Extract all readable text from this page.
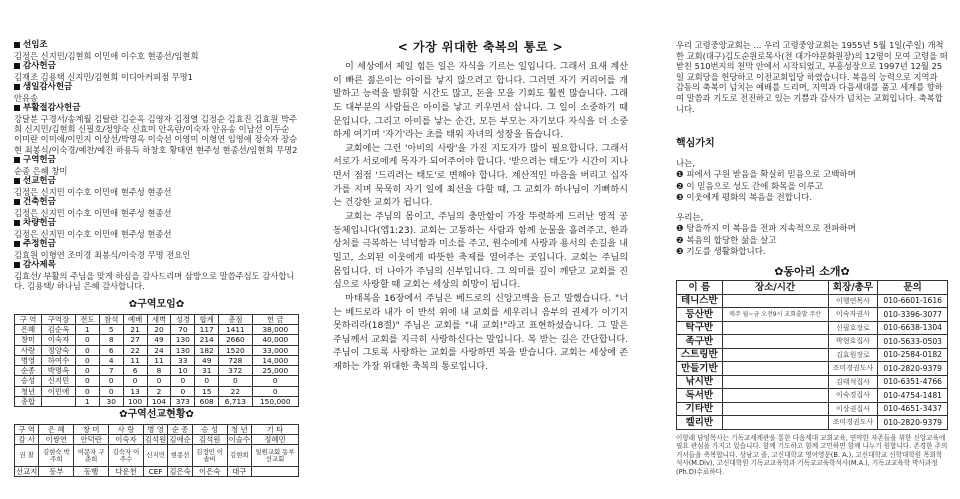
선임조
김정은 신지민/김현희 이민애 이수호 현종선/임현희
감사헌금
김재조 김용택 신지민/김현희 이디아커피점 무명1
생일감사헌금
안유송
부활절감사헌금
강달분 구경서/송계월 김탈란 김순옥 김영자 김정열 김정순 김효진 김효원 박주희 신지민/김현희 신필호/정양숙 신효미 안옥란/이숙자 안유송 이남선 이두순 이미란 이미애/이민지 이상선/박명옥 이숙선 이영미 이형연 임영애 장숙자 장승현 최봉식/이숙경/예찬/예진 하용득 하창호 황태연 현주성 현종선/임현희 무명2
구역헌금
순종 은혜 창미
선교헌금
김정은 신지민 이수호 이민애 현주성 현종선
건축헌금
김정은 신지민 이수호 이민애 현주성 현종선
차량헌금
김정은 신지민 이수호 이민애 현주성 현종선
주정헌금
김효원 이형연 조미경 최봉식/이숙경 무명 전요인
감사제목
김효선/ 부활의 주님을 맞게 하심을 감사드리며 삼방으로 말씀주심도 감사합니다. 김용택/ 하나님 은혜 감사합니다.
✿구역모임✿
구 역	구역장	전도	참석	예배	새벽	성경	합계	총점	헌 금
은혜	김순옥	1	5	21	20	70	117	1411	38,000
창미	이숙자	0	8	27	49	130	214	2660	40,000
사랑	정양숙	0	6	22	24	130	182	1520	33,000
병영	하여수	0	4	11	11	33	49	728	14,000
순종	박명옥	0	7	6	8	10	31	372	25,000
승성	신지민	0	0	0	0	0	0	0	0
청년	이민애	0	0	13	2	0	15	22	0
총합		1	30	100	104	373	608	6,713	150,000
✿구역선교현황✿
구 역	은 혜	창 미	사 랑	병 영	순 종	승 성	청 년	기 타
감 사	이쌍연	안덕란	이숙자	김석원	김애순	김석원	이슬수	정혜민
권 찰	김현숙 박주희	이문자 구춘희	김숙자 이주수	신지민	현종선	김정민 이솔비	김현희	일원교회 동부 선교회
선교지	동부	동행	다운천	CEF	김은숙	이은숙	대구	
< 가장 위대한 축복의 통로 >

이 세상에서 제일 힘든 일은 자식을 기르는 일입니다. 그래서 요새 계산이 빠른 젊은이는 아이를 낳지 않으려고 합니다. 그러면 자기 커리어를 개발하고 능력을 발휘할 시간도 많고, 돈을 모을 기회도 훨씬 많습니다. 그래도 대부분의 사람들은 아이를 낳고 키우면서 삽니다. 그 일이 소중하기 때문입니다. 그리고 아이를 낳는 순간, 모든 부모는 자기보다 자식을 더 소중하게 여기며 '자기'라는 초를 태워 자녀의 성장을 돕습니다.

교회에는 그런 '아비의 사랑'을 가진 지도자가 많이 필요합니다. 그래서 서로가 서로에게 목자가 되어주어야 합니다. '받으려는 태도'가 시간이 지나면서 점점 '드리려는 태도'로 변해야 합니다. 계산적인 마음을 버리고 십자가를 지며 묵묵히 자기 일에 최선을 다할 때, 그 교회가 하나님이 기뻐하시는 건강한 교회가 됩니다.

교회는 주님의 몸이고, 주님의 충만함이 가장 뚜렷하게 드러난 영적 공동체입니다(엡1:23). 교회는 고통하는 사람과 함께 눈물을 흘려주고, 한과 상처를 극복하는 넉넉함과 미소를 주고, 원수에게 사랑과 용서의 손길을 내밀고, 소외된 이웃에게 따뜻한 축제를 열어주는 곳입니다. 교회는 주님의 몸입니다. 더 나아가 주님의 신부입니다. 그 의미를 깊이 깨닫고 교회를 진심으로 사랑할 때 교회는 세상의 희망이 됩니다.

마태복음 16장에서 주님은 베드로의 신앙고백을 듣고 말했습니다. "너는 베드로라 내가 이 반석 위에 내 교회를 세우리니 음부의 권세가 이기지 못하리라(18절)" 주님은 교회를 "내 교회!"라고 표현하셨습니다. 그 말은 주님께서 교회를 지극히 사랑하신다는 말입니다. 복 받는 길은 간단합니다. 주님이 그토록 사랑하는 교회를 사랑하면 복을 받습니다. 교회는 세상에 존재하는 가장 위대한 축복의 통로입니다.

우리 고령중앙교회는 ... 우리 고령중앙교회는 1955년 5월 1일(주일) 개척한 교회(대구)김도순원로목사(전 대가야문화원장)의 12명이 모여 고령을 떠받친 510번지의 천막 안에서 시작되었고, 부흥성장으로 1997년 12월 25일 교회당을 헌당하고 이전교회입당 하였습니다. 복음의 능력으로 지역과 감동의 축복이 넘치는 예배를 드리며, 지역과 다음세대를 품고 세계를 향하여 말씀과 기도로 전진하고 있는 기쁨과 감사가 넘치는 교회입니다. 축복합니다.
핵심가치
나는,
❶ 피에서 구원 받음을 확실히 믿음으로 고백하며
❷ 이 믿음으로 성도 간에 화목을 이루고
❸ 이웃에게 평화의 복음을 전합니다.
우리는,
❶ 탕을까지 이 복음을 전파 지속적으로 전파하며
❷ 복음의 합당한 삶을 살고
❸ 기도를 생활화합니다.
✿동아리 소개✿
이 름	장소/시간	회장/총무	문의
테니스반		이행연목사	010-6601-1616
등산반	매주 월~금 오전9시 교회출발 주산	이숙자권사	010-3396-3077
탁구반		신필호장로	010-6638-1304
족구반		박현호집사	010-5633-0503
스트링반		김효원장로	010-2584-0182
만들기반		조미경권도사	010-2820-9379
낚시반		김태석집사	010-6351-4766
독서반		이숙경집사	010-4754-1481
기타반		이상권집사	010-4651-3437
켈리반		조미경권도사	010-2820-9379
이항래 담임목사는 기독교세계관을 통한 다음세대 교회교육, 연약한 자존들을 위한 신앙교육에 필요 관심을 가지고 있습니다. 함께 기도하고 함께 고민하면 함께 나누기 원합니다. 존경한 주의 거서들을 축복합니다. 상남고 졸, 고신대학교 영어영문(B. A.), 고신대학교 신학대학원 목회학 석사(M.Div), 고신대학원 기독교교육학과 기독교교육학석사(M.A.), 기독교교육학 박사과정(Ph.D)수료하다.
